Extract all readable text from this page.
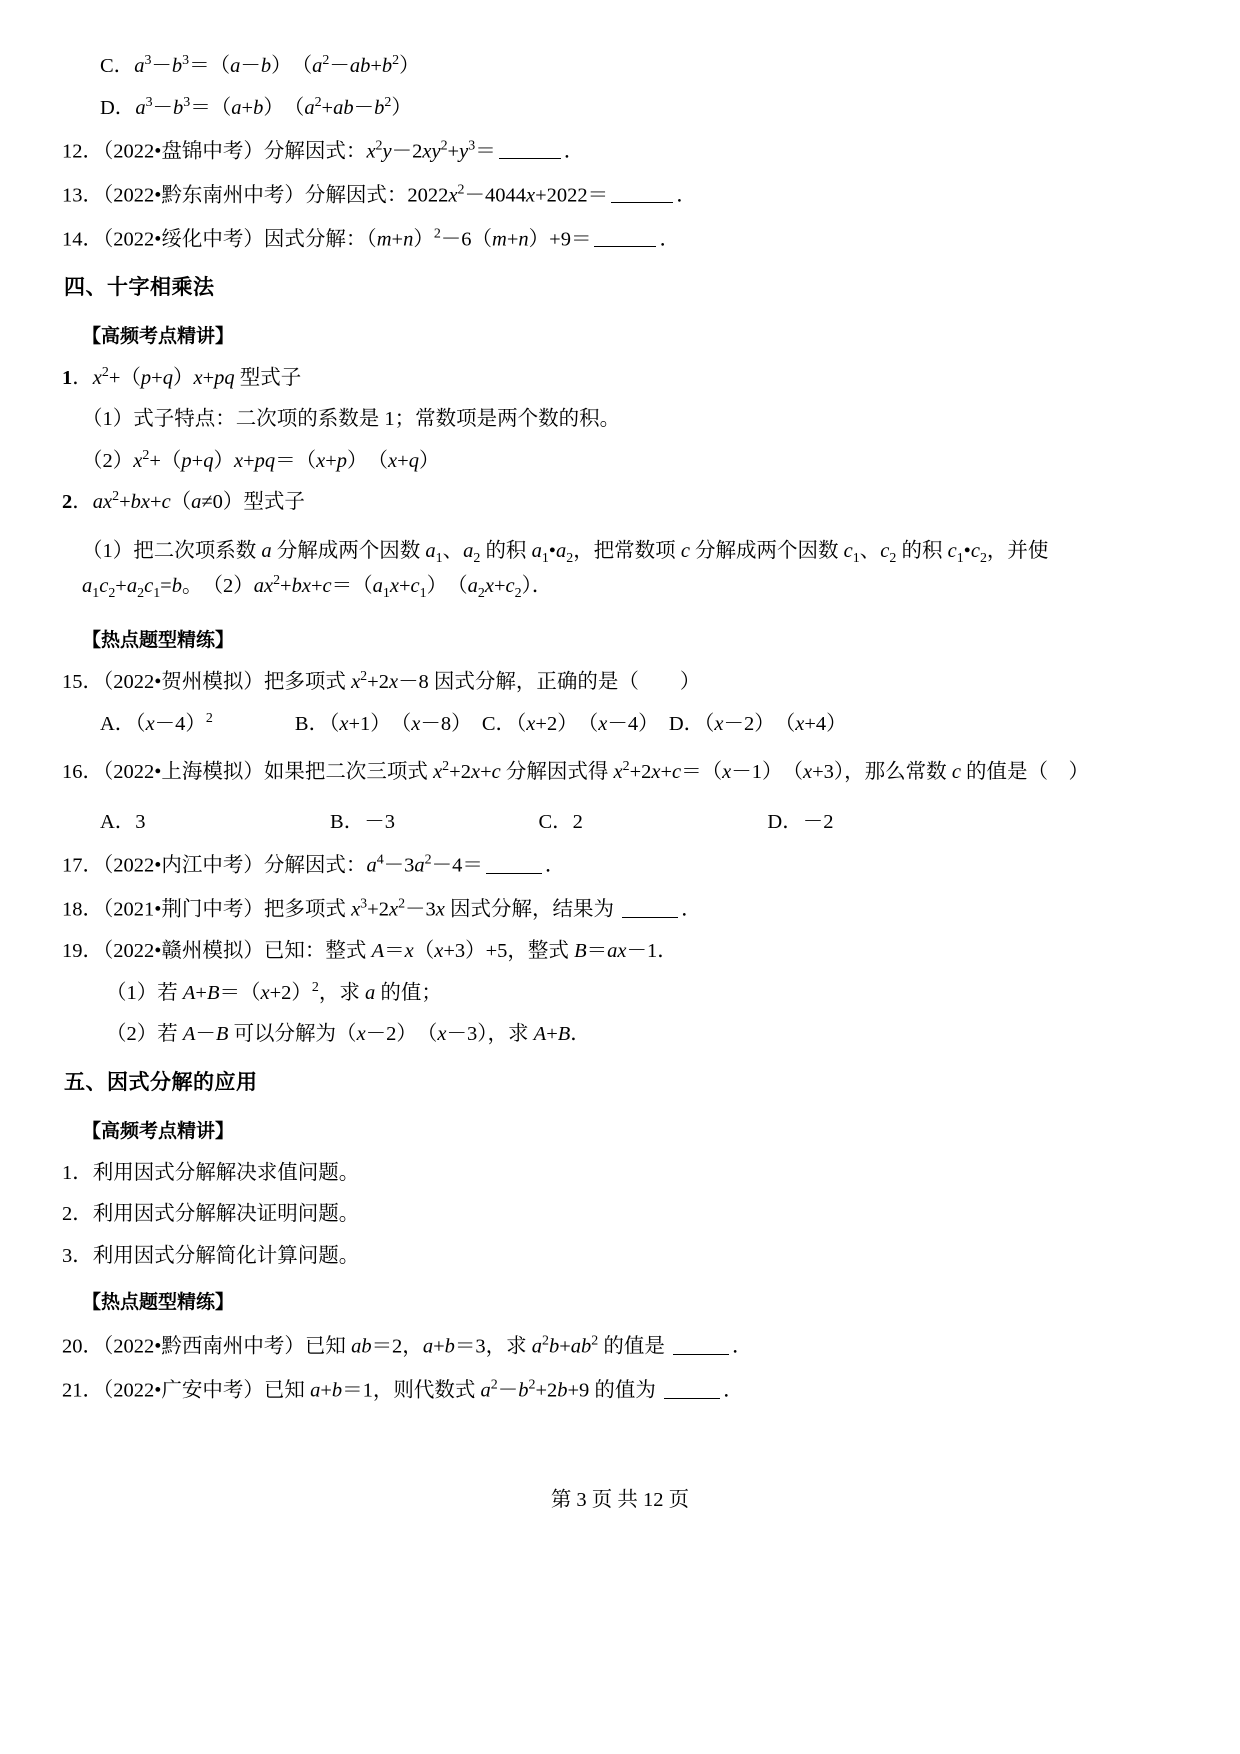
C．$a^3-b^3=(a-b)$　$(a^2-ab+b^2)$
D．$a^3-b^3=(a+b)$　$(a^2+ab-b^2)$
12．（2022•盘锦中考）分解因式：$x^2y-2xy^2+y^3=$	．
13．（2022•黔东南州中考）分解因式：$2022x^2-4044x+2022=$	．
14．（2022•绥化中考）因式分解：$(m+n)^2-6(m+n)+9=$	．
四、十字相乘法
【高频考点精讲】
1．$x^2+(p+q)x+pq$ 型式子
（1）式子特点：二次项的系数是 1；常数项是两个数的积。
$(2)x^2+(p+q)x+pq=(x+p)$　（x+q）
2．$ax^2+bx+c(a\ne 0)$型式子
（1）把二次项系数 a 分解成两个因数 $a_1$、$a_2$ 的积 $a_1•a_2$，把常数项 c 分解成两个因数 $c_1$、$c_2$ 的积 $c_1•c_2$，并使 $a_1c_2+a_2c_1=b$。　$(2)ax^2+bx+c=(a_1x+c_1)$　$(a_2x+c_2)$．
【热点题型精练】
15．（2022•贺州模拟）把多项式 $x^2+2x-8$ 因式分解，正确的是（　　）
A．$(x-4)^2$　　　　B．（x+1）　（x－8）　C．（x+2）　（x－4）　D．（x－2）　（x+4）
16．（2022•上海模拟）如果把二次三项式 $x^2+2x+c$ 分解因式得 $x^2+2x+c=(x-1)$　（x+3），那么常数 c 的值是（　）
A．3　　　　　　　　　B．－3　　　　　　　C．2　　　　　　　　　D．－2
17．（2022•内江中考）分解因式：$a^4-3a^2-4=$	．
18．（2021•荆门中考）把多项式 $x^3+2x^2-3x$ 因式分解，结果为	．
19．（2022•赣州模拟）已知：整式 A＝x（x+3）+5，整式 B＝ax－1．
（1）若 $A+B=(x+2)^2$，求 a 的值；
（2）若 A－B 可以分解为（x－2）　（x－3），求 A+B．
五、因式分解的应用
【高频考点精讲】
1．利用因式分解解决求值问题。
2．利用因式分解解决证明问题。
3．利用因式分解简化计算问题。
【热点题型精练】
20．（2022•黔西南州中考）已知 ab＝2，a+b＝3，求 $a^2b+ab^2$ 的值是	．
21．（2022•广安中考）已知 a+b＝1，则代数式 $a^2-b^2+2b+9$ 的值为	．
第 3 页 共 12 页
